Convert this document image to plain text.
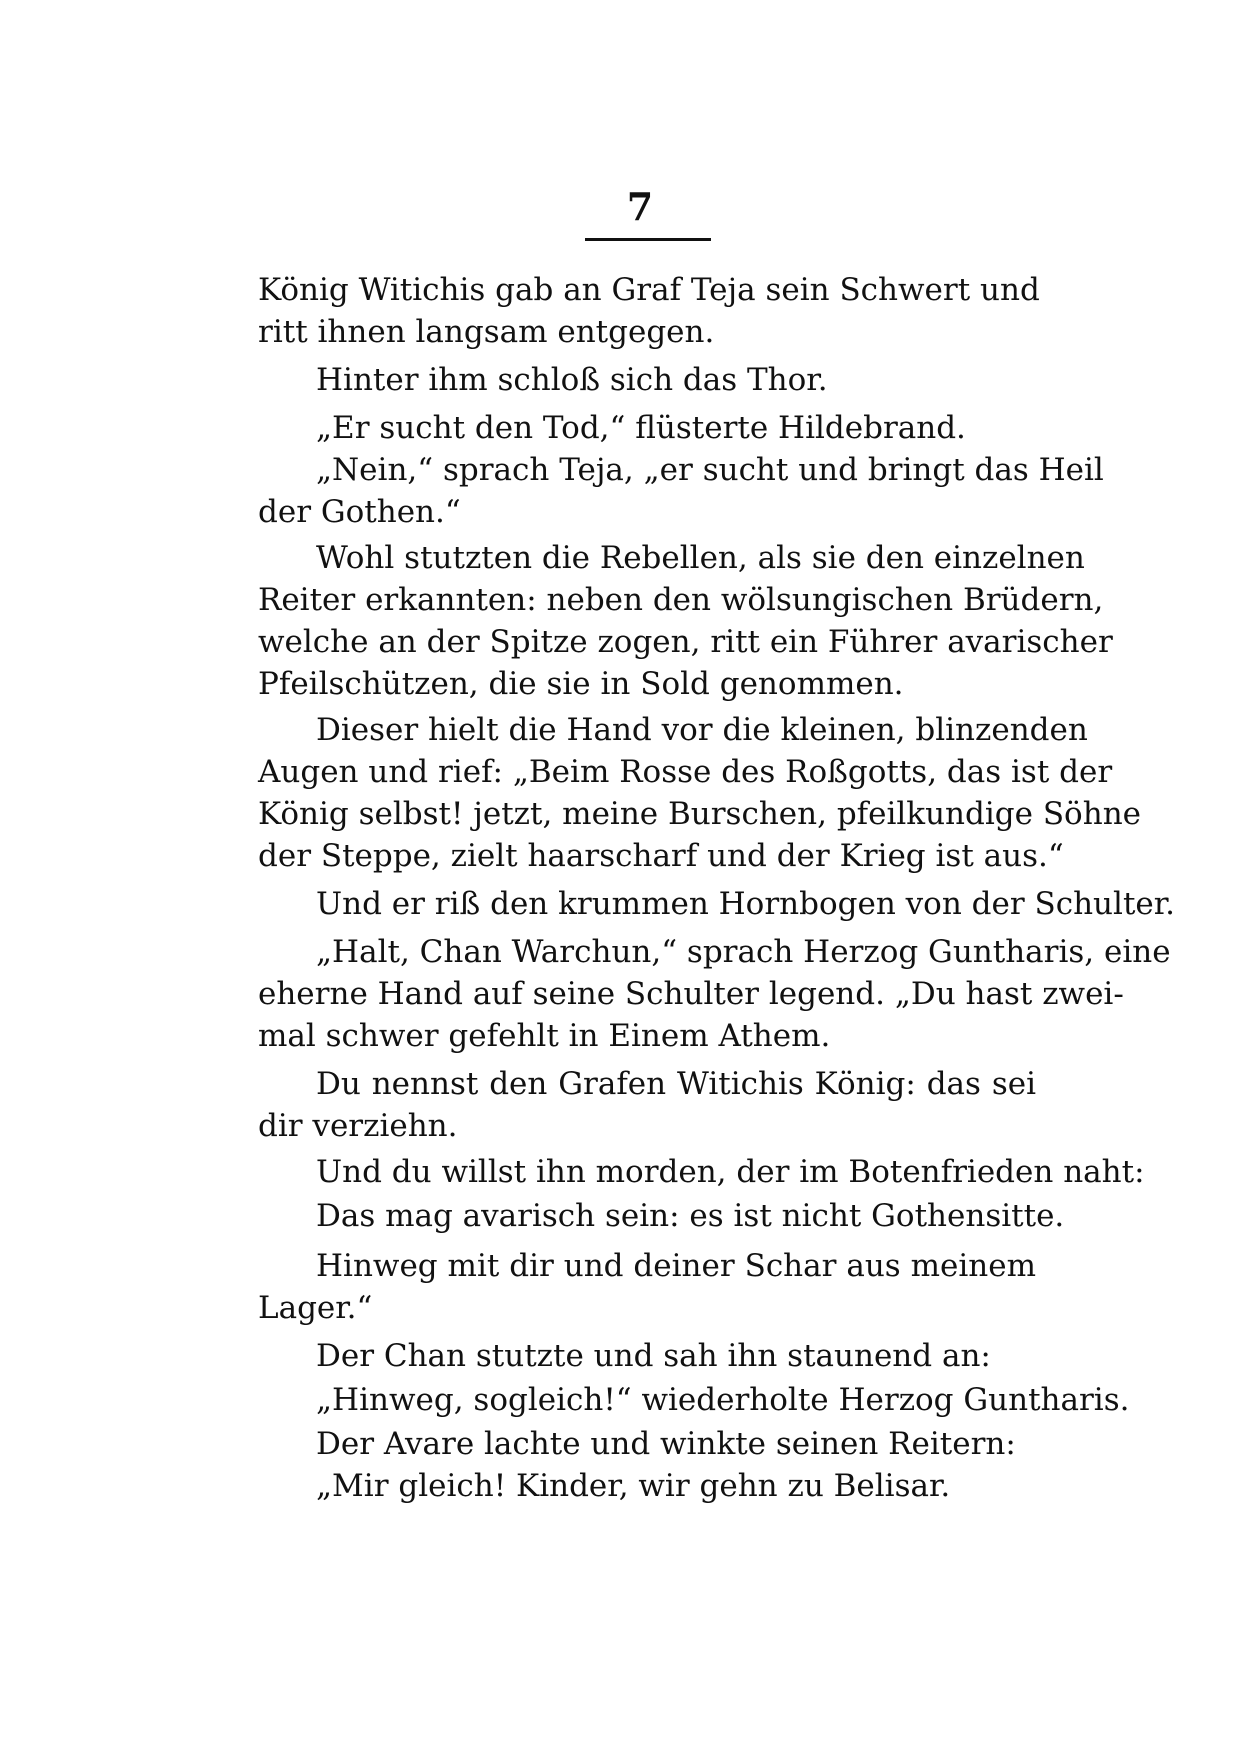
7
König Witichis gab an Graf Teja sein Schwert und
ritt ihnen langsam entgegen.
Hinter ihm schloß sich das Thor.
„Er sucht den Tod,“ flüsterte Hildebrand.
„Nein,“ sprach Teja, „er sucht und bringt das Heil
der Gothen.“
Wohl stutzten die Rebellen, als sie den einzelnen
Reiter erkannten: neben den wölsungischen Brüdern,
welche an der Spitze zogen, ritt ein Führer avarischer
Pfeilschützen, die sie in Sold genommen.
Dieser hielt die Hand vor die kleinen, blinzenden
Augen und rief: „Beim Rosse des Roßgotts, das ist der
König selbst! jetzt, meine Burschen, pfeilkundige Söhne
der Steppe, zielt haarscharf und der Krieg ist aus.“
Und er riß den krummen Hornbogen von der Schulter.
„Halt, Chan Warchun,“ sprach Herzog Guntharis, eine
eherne Hand auf seine Schulter legend. „Du hast zwei-
mal schwer gefehlt in Einem Athem.
Du nennst den Grafen Witichis König: das sei
dir verziehn.
Und du willst ihn morden, der im Botenfrieden naht:
Das mag avarisch sein: es ist nicht Gothensitte.
Hinweg mit dir und deiner Schar aus meinem
Lager.“
Der Chan stutzte und sah ihn staunend an:
„Hinweg, sogleich!“ wiederholte Herzog Guntharis.
Der Avare lachte und winkte seinen Reitern:
„Mir gleich! Kinder, wir gehn zu Belisar.
